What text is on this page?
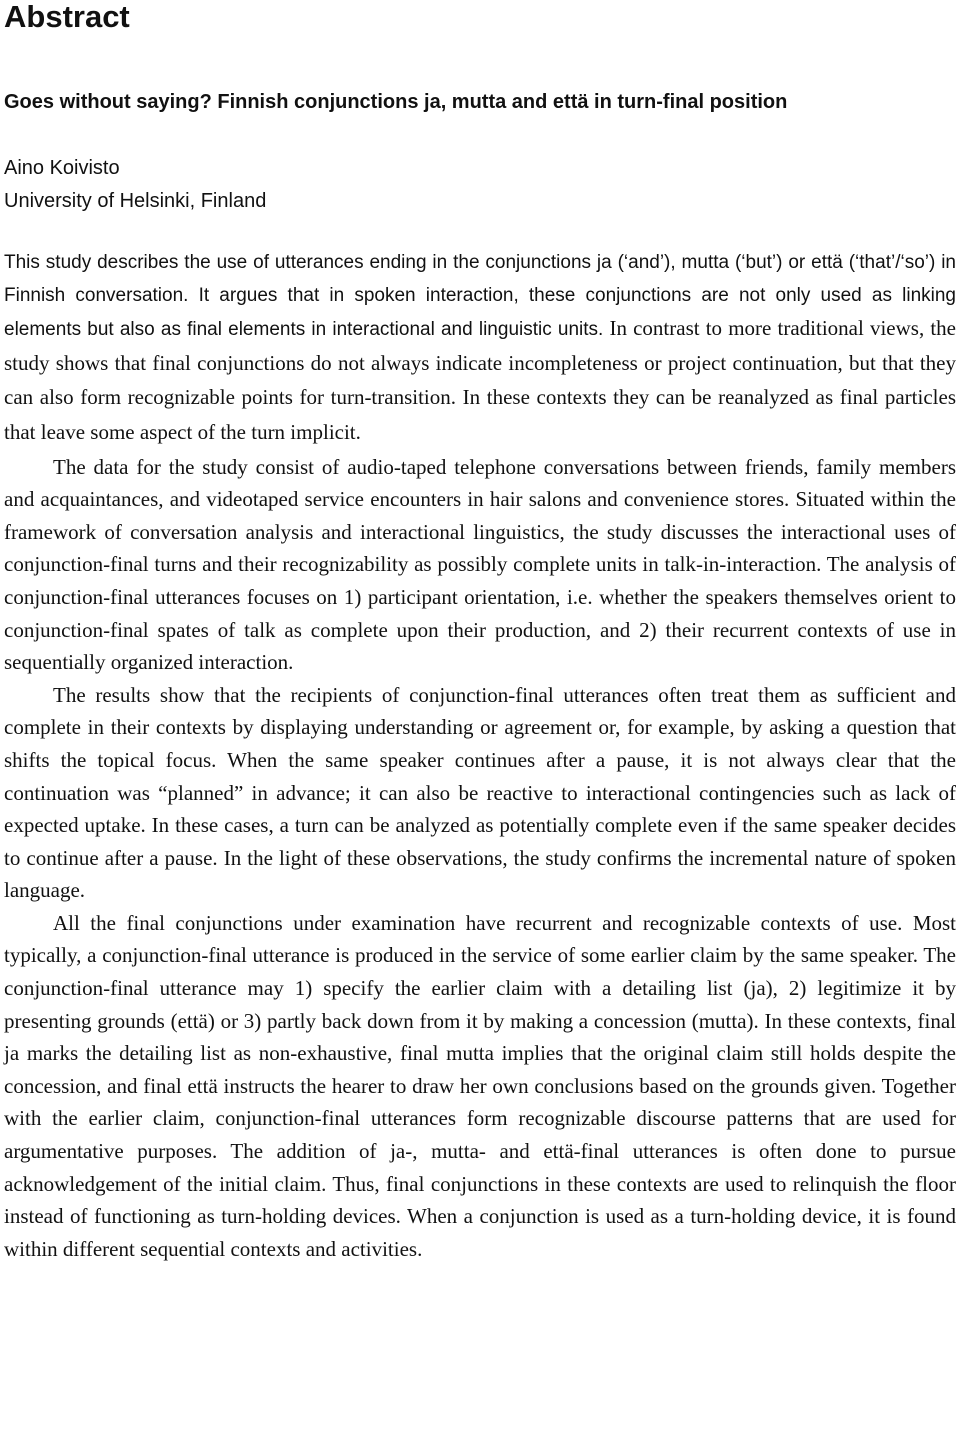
Abstract
Goes without saying? Finnish conjunctions ja, mutta and että in turn-final position
Aino Koivisto
University of Helsinki, Finland

This study describes the use of utterances ending in the conjunctions ja (‘and’), mutta (‘but’) or että (‘that’/‘so’) in Finnish conversation. It argues that in spoken interaction, these conjunctions are not only used as linking elements but also as final elements in interactional and linguistic units. In contrast to more traditional views, the study shows that final conjunctions do not always indicate incompleteness or project continuation, but that they can also form recognizable points for turn-transition. In these contexts they can be reanalyzed as final particles that leave some aspect of the turn implicit.

The data for the study consist of audio-taped telephone conversations between friends, family members and acquaintances, and videotaped service encounters in hair salons and convenience stores. Situated within the framework of conversation analysis and interactional linguistics, the study discusses the interactional uses of conjunction-final turns and their recognizability as possibly complete units in talk-in-interaction. The analysis of conjunction-final utterances focuses on 1) participant orientation, i.e. whether the speakers themselves orient to conjunction-final spates of talk as complete upon their production, and 2) their recurrent contexts of use in sequentially organized interaction.

The results show that the recipients of conjunction-final utterances often treat them as sufficient and complete in their contexts by displaying understanding or agreement or, for example, by asking a question that shifts the topical focus. When the same speaker continues after a pause, it is not always clear that the continuation was “planned” in advance; it can also be reactive to interactional contingencies such as lack of expected uptake. In these cases, a turn can be analyzed as potentially complete even if the same speaker decides to continue after a pause. In the light of these observations, the study confirms the incremental nature of spoken language.

All the final conjunctions under examination have recurrent and recognizable contexts of use. Most typically, a conjunction-final utterance is produced in the service of some earlier claim by the same speaker. The conjunction-final utterance may 1) specify the earlier claim with a detailing list (ja), 2) legitimize it by presenting grounds (että) or 3) partly back down from it by making a concession (mutta). In these contexts, final ja marks the detailing list as non-exhaustive, final mutta implies that the original claim still holds despite the concession, and final että instructs the hearer to draw her own conclusions based on the grounds given. Together with the earlier claim, conjunction-final utterances form recognizable discourse patterns that are used for argumentative purposes. The addition of ja-, mutta- and että-final utterances is often done to pursue acknowledgement of the initial claim. Thus, final conjunctions in these contexts are used to relinquish the floor instead of functioning as turn-holding devices. When a conjunction is used as a turn-holding device, it is found within different sequential contexts and activities.
